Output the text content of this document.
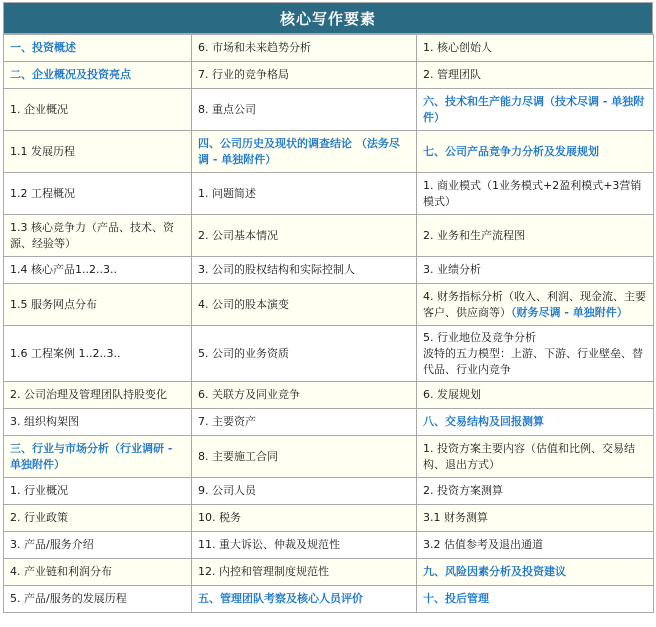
核心写作要素
一、投资概述	6. 市场和未来趋势分析	1. 核心创始人
二、企业概况及投资亮点	7. 行业的竞争格局	2. 管理团队
1. 企业概况	8. 重点公司	六、技术和生产能力尽调（技术尽调 - 单独附件）
1.1 发展历程	四、公司历史及现状的调查结论 （法务尽调 - 单独附件）	七、公司产品竞争力分析及发展规划
1.2 工程概况	1. 问题简述	1. 商业模式（1业务模式+2盈利模式+3营销模式）
1.3 核心竞争力（产品、技术、资源、经验等）	2. 公司基本情况	2. 业务和生产流程图
1.4 核心产品1..2..3..	3. 公司的股权结构和实际控制人	3. 业绩分析
1.5 服务网点分布	4. 公司的股本演变	4. 财务指标分析（收入、利润、现金流、主要客户、供应商等）（财务尽调 - 单独附件）
1.6 工程案例 1..2..3..	5. 公司的业务资质	5. 行业地位及竞争分析
波特的五力模型：上游、下游、行业壁垒、替代品、行业内竞争

2. 公司治理及管理团队持股变化	6. 关联方及同业竞争	6. 发展规划
3. 组织构架图	7. 主要资产	八、交易结构及回报测算
三、行业与市场分析（行业调研 - 单独附件）	8. 主要施工合同	1. 投资方案主要内容（估值和比例、交易结构、退出方式）
1. 行业概况	9. 公司人员	2. 投资方案测算
2. 行业政策	10. 税务	3.1 财务测算
3. 产品/服务介绍	11. 重大诉讼、仲裁及规范性	3.2 估值参考及退出通道
4. 产业链和利润分布	12. 内控和管理制度规范性	九、风险因素分析及投资建议
5. 产品/服务的发展历程	五、管理团队考察及核心人员评价	十、投后管理
